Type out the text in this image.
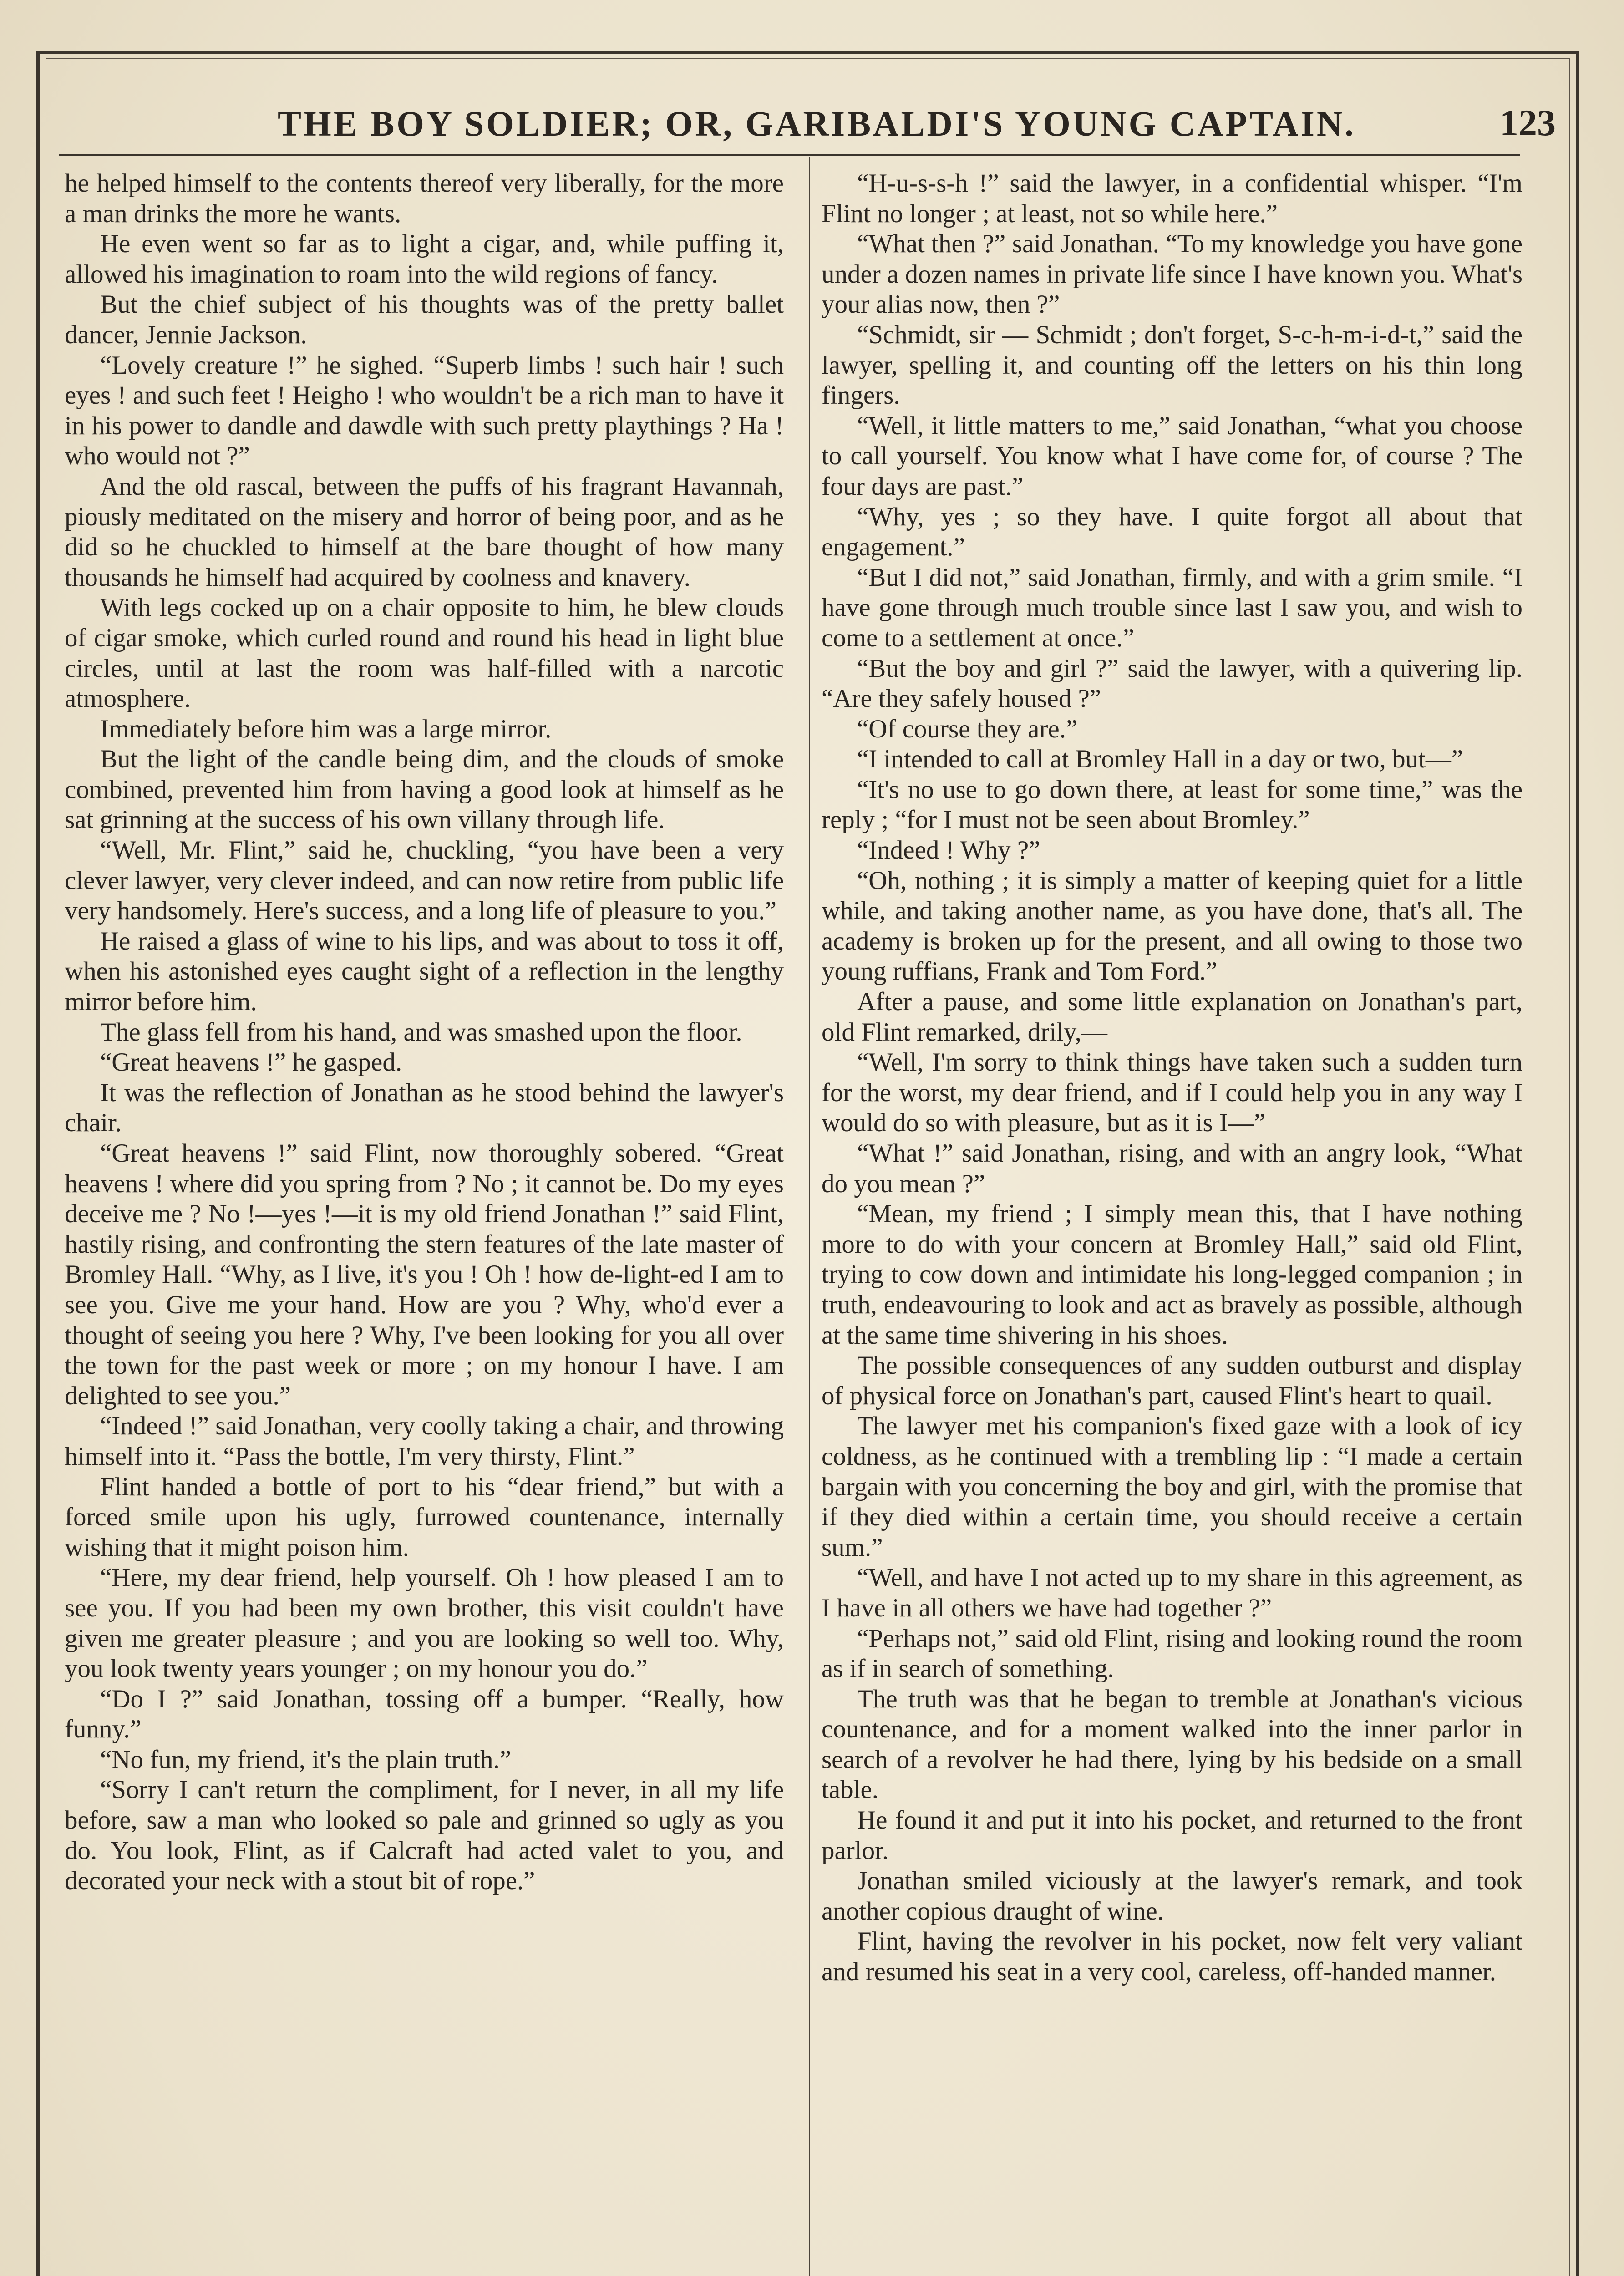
THE BOY SOLDIER; OR, GARIBALDI'S YOUNG CAPTAIN.	123

he helped himself to the contents thereof very liberally, for the more a man drinks the more he wants.

He even went so far as to light a cigar, and, while puffing it, allowed his imagination to roam into the wild regions of fancy.

But the chief subject of his thoughts was of the pretty ballet dancer, Jennie Jackson.

“Lovely creature !” he sighed. “Superb limbs ! such hair ! such eyes ! and such feet ! Heigho ! who wouldn't be a rich man to have it in his power to dandle and dawdle with such pretty playthings ? Ha ! who would not ?”

And the old rascal, between the puffs of his fragrant Havannah, piously meditated on the misery and horror of being poor, and as he did so he chuckled to himself at the bare thought of how many thousands he himself had acquired by coolness and knavery.

With legs cocked up on a chair opposite to him, he blew clouds of cigar smoke, which curled round and round his head in light blue circles, until at last the room was half-filled with a narcotic atmosphere.

Immediately before him was a large mirror.

But the light of the candle being dim, and the clouds of smoke combined, prevented him from having a good look at himself as he sat grinning at the success of his own villany through life.

“Well, Mr. Flint,” said he, chuckling, “you have been a very clever lawyer, very clever indeed, and can now retire from public life very handsomely. Here's success, and a long life of pleasure to you.”

He raised a glass of wine to his lips, and was about to toss it off, when his astonished eyes caught sight of a reflection in the lengthy mirror before him.

The glass fell from his hand, and was smashed upon the floor.

“Great heavens !” he gasped.

It was the reflection of Jonathan as he stood behind the lawyer's chair.

“Great heavens !” said Flint, now thoroughly sobered. “Great heavens ! where did you spring from ? No ; it cannot be. Do my eyes deceive me ? No !—yes !—it is my old friend Jonathan !” said Flint, hastily rising, and confronting the stern features of the late master of Bromley Hall. “Why, as I live, it's you ! Oh ! how de-light-ed I am to see you. Give me your hand. How are you ? Why, who'd ever a thought of seeing you here ? Why, I've been looking for you all over the town for the past week or more ; on my honour I have. I am delighted to see you.”

“Indeed !” said Jonathan, very coolly taking a chair, and throwing himself into it. “Pass the bottle, I'm very thirsty, Flint.”

Flint handed a bottle of port to his “dear friend,” but with a forced smile upon his ugly, furrowed countenance, internally wishing that it might poison him.

“Here, my dear friend, help yourself. Oh ! how pleased I am to see you. If you had been my own brother, this visit couldn't have given me greater pleasure ; and you are looking so well too. Why, you look twenty years younger ; on my honour you do.”

“Do I ?” said Jonathan, tossing off a bumper. “Really, how funny.”

“No fun, my friend, it's the plain truth.”

“Sorry I can't return the compliment, for I never, in all my life before, saw a man who looked so pale and grinned so ugly as you do. You look, Flint, as if Calcraft had acted valet to you, and decorated your neck with a stout bit of rope.”

“H-u-s-s-h !” said the lawyer, in a confidential whisper. “I'm Flint no longer ; at least, not so while here.”

“What then ?” said Jonathan. “To my knowledge you have gone under a dozen names in private life since I have known you. What's your alias now, then ?”

“Schmidt, sir — Schmidt ; don't forget, S-c-h-m-i-d-t,” said the lawyer, spelling it, and counting off the letters on his thin long fingers.

“Well, it little matters to me,” said Jonathan, “what you choose to call yourself. You know what I have come for, of course ? The four days are past.”

“Why, yes ; so they have. I quite forgot all about that engagement.”

“But I did not,” said Jonathan, firmly, and with a grim smile. “I have gone through much trouble since last I saw you, and wish to come to a settlement at once.”

“But the boy and girl ?” said the lawyer, with a quivering lip. “Are they safely housed ?”

“Of course they are.”

“I intended to call at Bromley Hall in a day or two, but—”

“It's no use to go down there, at least for some time,” was the reply ; “for I must not be seen about Bromley.”

“Indeed ! Why ?”

“Oh, nothing ; it is simply a matter of keeping quiet for a little while, and taking another name, as you have done, that's all. The academy is broken up for the present, and all owing to those two young ruffians, Frank and Tom Ford.”

After a pause, and some little explanation on Jonathan's part, old Flint remarked, drily,—

“Well, I'm sorry to think things have taken such a sudden turn for the worst, my dear friend, and if I could help you in any way I would do so with pleasure, but as it is I—”

“What !” said Jonathan, rising, and with an angry look, “What do you mean ?”

“Mean, my friend ; I simply mean this, that I have nothing more to do with your concern at Bromley Hall,” said old Flint, trying to cow down and intimidate his long-legged companion ; in truth, endeavouring to look and act as bravely as possible, although at the same time shivering in his shoes.

The possible consequences of any sudden outburst and display of physical force on Jonathan's part, caused Flint's heart to quail.

The lawyer met his companion's fixed gaze with a look of icy coldness, as he continued with a trembling lip : “I made a certain bargain with you concerning the boy and girl, with the promise that if they died within a certain time, you should receive a certain sum.”

“Well, and have I not acted up to my share in this agreement, as I have in all others we have had together ?”

“Perhaps not,” said old Flint, rising and looking round the room as if in search of something.

The truth was that he began to tremble at Jonathan's vicious countenance, and for a moment walked into the inner parlor in search of a revolver he had there, lying by his bedside on a small table.

He found it and put it into his pocket, and returned to the front parlor.

Jonathan smiled viciously at the lawyer's remark, and took another copious draught of wine.

Flint, having the revolver in his pocket, now felt very valiant and resumed his seat in a very cool, careless, off-handed manner.
